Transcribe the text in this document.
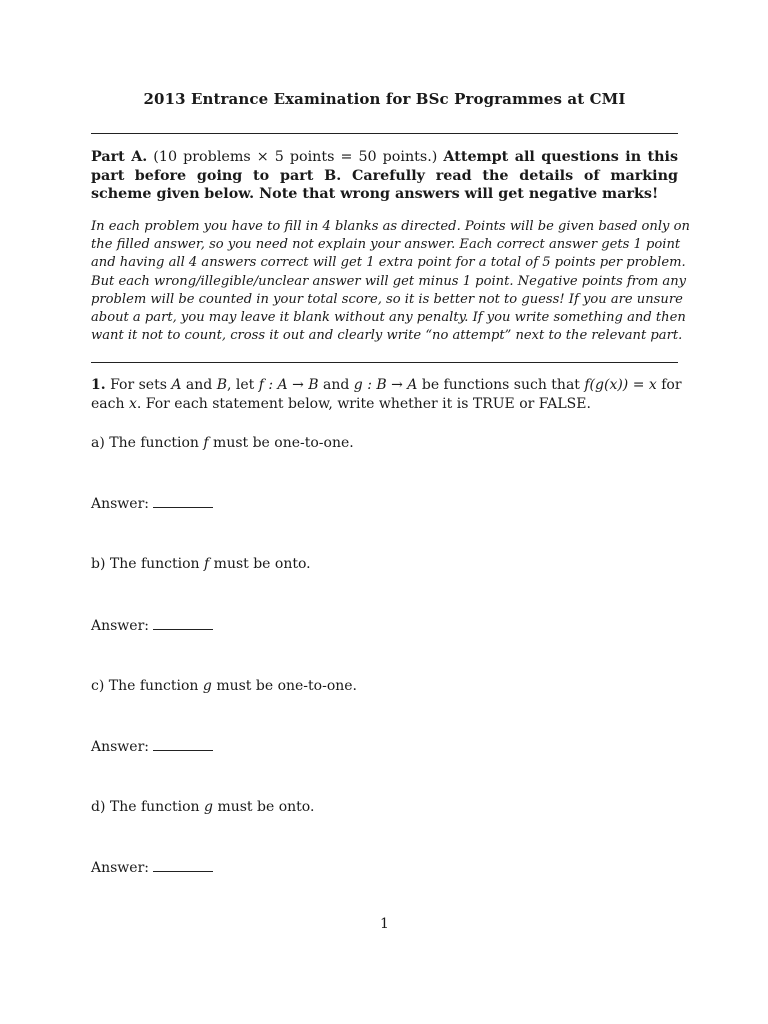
2013 Entrance Examination for BSc Programmes at CMI
Part A. (10 problems × 5 points = 50 points.) Attempt all questions in this part before going to part B. Carefully read the details of marking scheme given below. Note that wrong answers will get negative marks!
In each problem you have to fill in 4 blanks as directed. Points will be given based only on
the filled answer, so you need not explain your answer. Each correct answer gets 1 point
and having all 4 answers correct will get 1 extra point for a total of 5 points per problem.
But each wrong/illegible/unclear answer will get minus 1 point. Negative points from any
problem will be counted in your total score, so it is better not to guess! If you are unsure
about a part, you may leave it blank without any penalty. If you write something and then
want it not to count, cross it out and clearly write “no attempt” next to the relevant part.
1. For sets A and B, let f : A → B and g : B → A be functions such that f(g(x)) = x for
each x. For each statement below, write whether it is TRUE or FALSE.
a) The function f must be one-to-one.
Answer:
b) The function f must be onto.
Answer:
c) The function g must be one-to-one.
Answer:
d) The function g must be onto.
Answer:
1
